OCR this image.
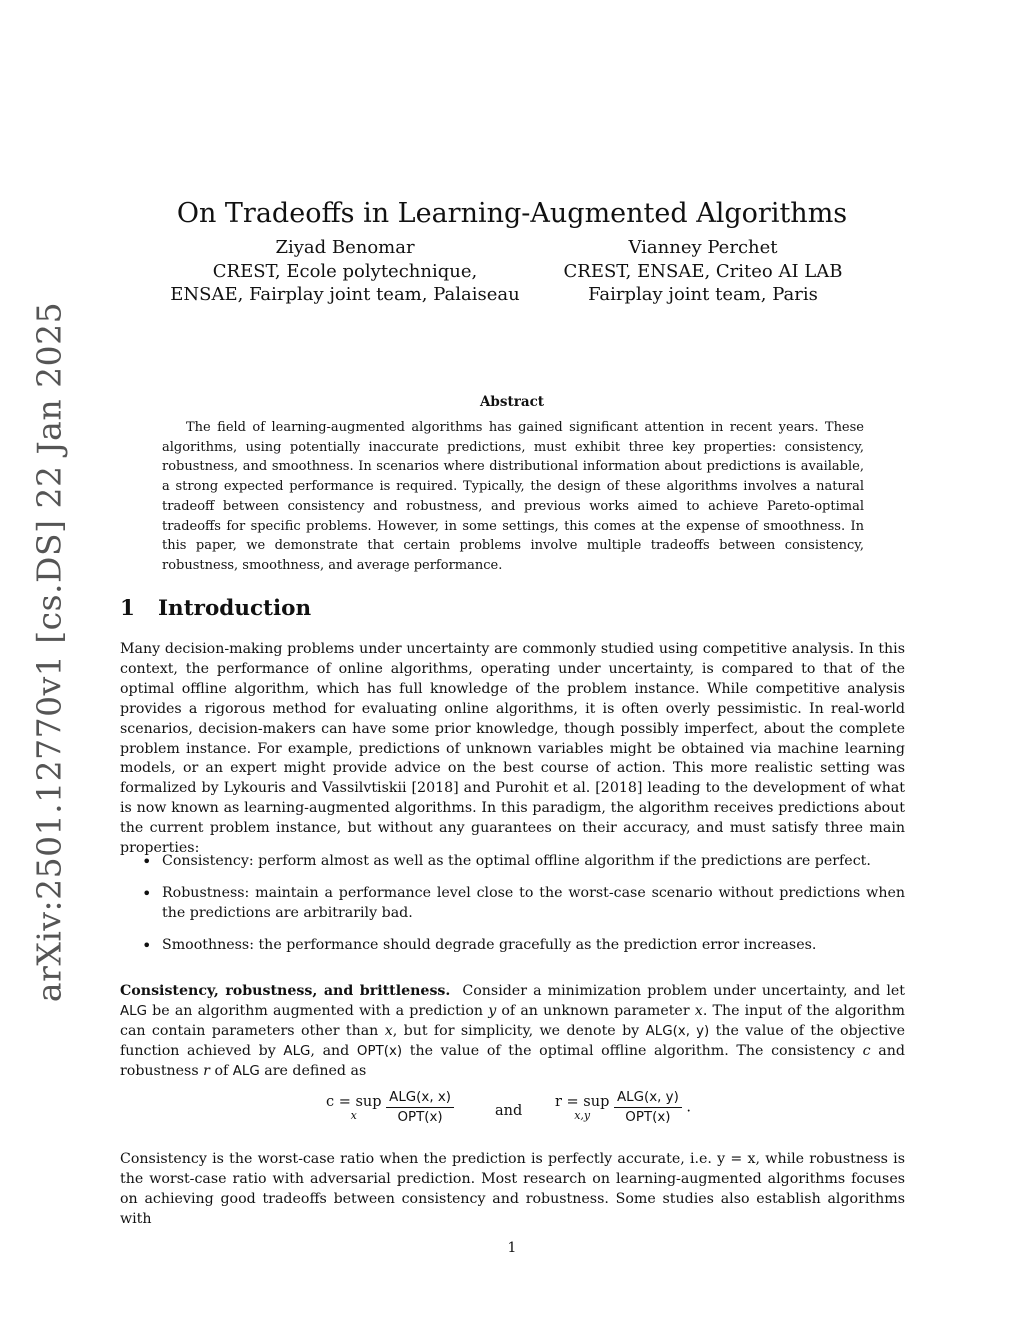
arXiv:2501.12770v1 [cs.DS] 22 Jan 2025
On Tradeoffs in Learning-Augmented Algorithms
Ziyad Benomar
CREST, Ecole polytechnique,
ENSAE, Fairplay joint team, Palaiseau
Vianney Perchet
CREST, ENSAE, Criteo AI LAB
Fairplay joint team, Paris
Abstract
The field of learning-augmented algorithms has gained significant attention in recent years. These algorithms, using potentially inaccurate predictions, must exhibit three key properties: consistency, robustness, and smoothness. In scenarios where distributional information about predictions is available, a strong expected performance is required. Typically, the design of these algorithms involves a natural tradeoff between consistency and robustness, and previous works aimed to achieve Pareto-optimal tradeoffs for specific problems. However, in some settings, this comes at the expense of smoothness. In this paper, we demonstrate that certain problems involve multiple tradeoffs between consistency, robustness, smoothness, and average performance.
1 Introduction
Many decision-making problems under uncertainty are commonly studied using competitive analysis. In this context, the performance of online algorithms, operating under uncertainty, is compared to that of the optimal offline algorithm, which has full knowledge of the problem instance. While competitive analysis provides a rigorous method for evaluating online algorithms, it is often overly pessimistic. In real-world scenarios, decision-makers can have some prior knowledge, though possibly imperfect, about the complete problem instance. For example, predictions of unknown variables might be obtained via machine learning models, or an expert might provide advice on the best course of action. This more realistic setting was formalized by Lykouris and Vassilvtiskii [2018] and Purohit et al. [2018] leading to the development of what is now known as learning-augmented algorithms. In this paradigm, the algorithm receives predictions about the current problem instance, but without any guarantees on their accuracy, and must satisfy three main properties:
• Consistency: perform almost as well as the optimal offline algorithm if the predictions are perfect.
• Robustness: maintain a performance level close to the worst-case scenario without predictions when the predictions are arbitrarily bad.
• Smoothness: the performance should degrade gracefully as the prediction error increases.
Consistency, robustness, and brittleness. Consider a minimization problem under uncertainty, and let ALG be an algorithm augmented with a prediction y of an unknown parameter x. The input of the algorithm can contain parameters other than x, but for simplicity, we denote by ALG(x, y) the value of the objective function achieved by ALG, and OPT(x) the value of the optimal offline algorithm. The consistency c and robustness r of ALG are defined as
c = sup
x
	$\frac{\text{ALG(x, x)}}{\text{OPT(x)}}$	and
r = sup
x,y
	$\frac{\text{ALG(x, y)}}{\text{OPT(x)}}$ .
Consistency is the worst-case ratio when the prediction is perfectly accurate, i.e. y = x, while robustness is the worst-case ratio with adversarial prediction. Most research on learning-augmented algorithms focuses on achieving good tradeoffs between consistency and robustness. Some studies also establish algorithms with
1
